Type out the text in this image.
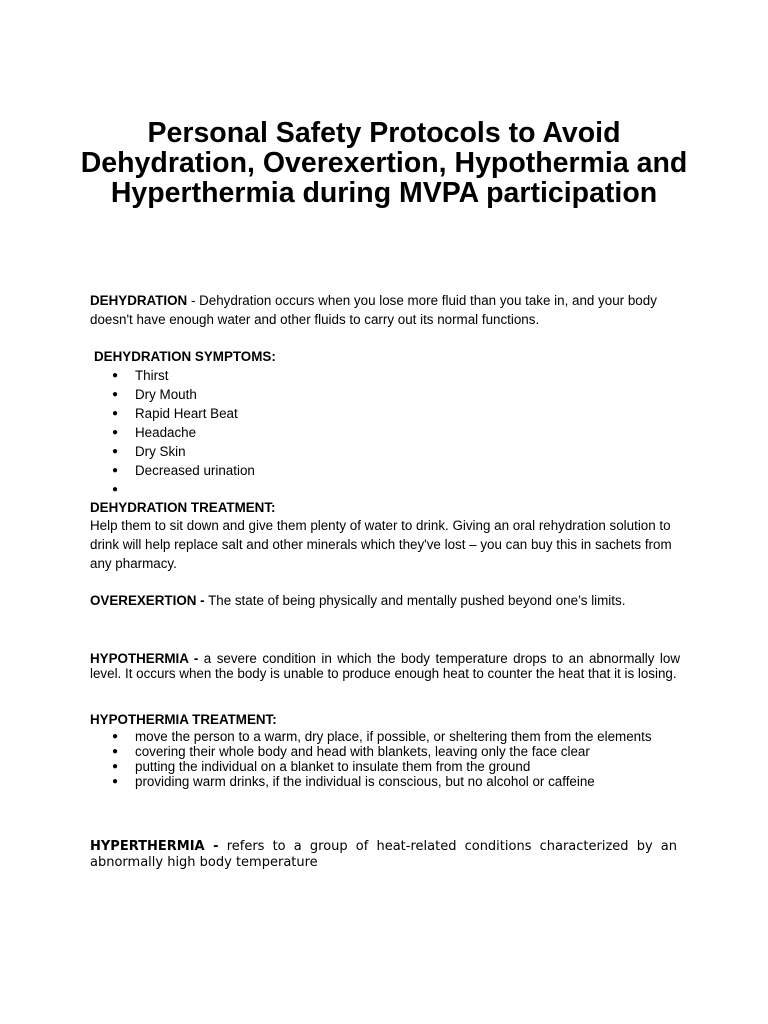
Personal Safety Protocols to Avoid Dehydration, Overexertion, Hypothermia and Hyperthermia during MVPA participation

DEHYDRATION - Dehydration occurs when you lose more fluid than you take in, and your body doesn't have enough water and other fluids to carry out its normal functions.

DEHYDRATION SYMPTOMS:
● Thirst
● Dry Mouth
● Rapid Heart Beat
● Headache
● Dry Skin
● Decreased urination
●
DEHYDRATION TREATMENT:

Help them to sit down and give them plenty of water to drink. Giving an oral rehydration solution to drink will help replace salt and other minerals which they've lost – you can buy this in sachets from any pharmacy.

OVEREXERTION - The state of being physically and mentally pushed beyond one’s limits.

HYPOTHERMIA - a severe condition in which the body temperature drops to an abnormally low level. It occurs when the body is unable to produce enough heat to counter the heat that it is losing.

HYPOTHERMIA TREATMENT:
● move the person to a warm, dry place, if possible, or sheltering them from the elements
● covering their whole body and head with blankets, leaving only the face clear
● putting the individual on a blanket to insulate them from the ground
● providing warm drinks, if the individual is conscious, but no alcohol or caffeine

HYPERTHERMIA - refers to a group of heat-related conditions characterized by an abnormally high body temperature
